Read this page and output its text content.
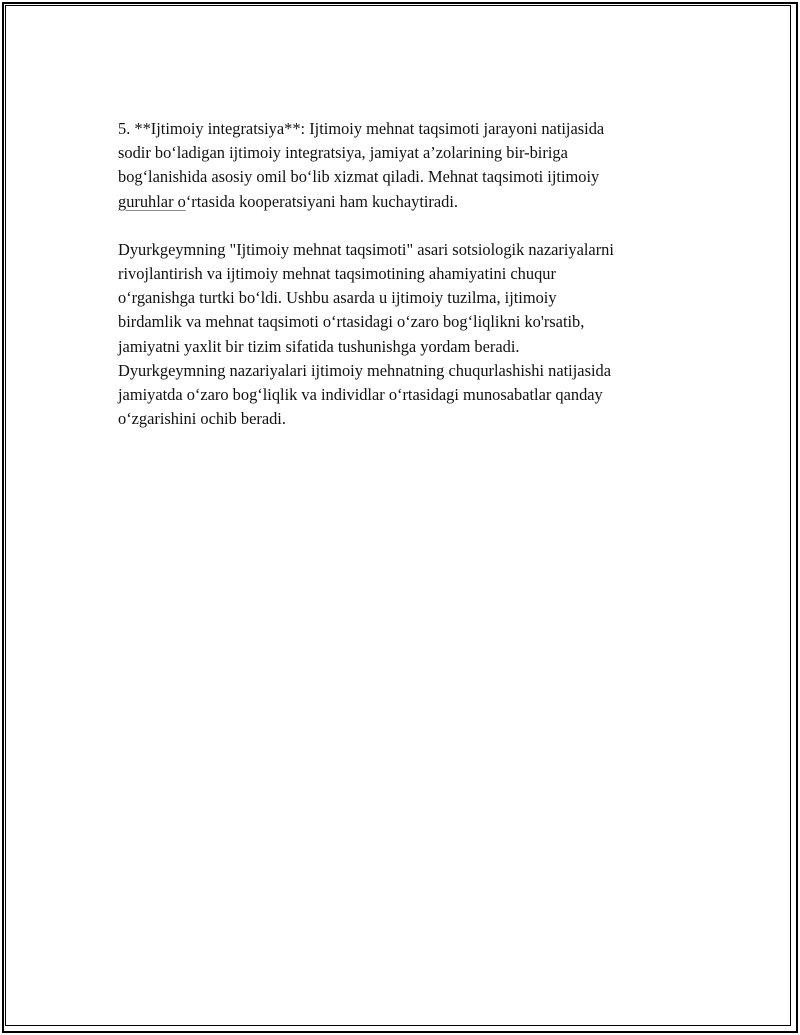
5. **Ijtimoiy integratsiya**: Ijtimoiy mehnat taqsimoti jarayoni natijasida
sodir bo‘ladigan ijtimoiy integratsiya, jamiyat a’zolarining bir-biriga
bog‘lanishida asosiy omil bo‘lib xizmat qiladi. Mehnat taqsimoti ijtimoiy
guruhlar o‘rtasida kooperatsiyani ham kuchaytiradi.

Dyurkgeymning "Ijtimoiy mehnat taqsimoti" asari sotsiologik nazariyalarni
rivojlantirish va ijtimoiy mehnat taqsimotining ahamiyatini chuqur
o‘rganishga turtki bo‘ldi. Ushbu asarda u ijtimoiy tuzilma, ijtimoiy
birdamlik va mehnat taqsimoti o‘rtasidagi o‘zaro bog‘liqlikni ko'rsatib,
jamiyatni yaxlit bir tizim sifatida tushunishga yordam beradi.
Dyurkgeymning nazariyalari ijtimoiy mehnatning chuqurlashishi natijasida
jamiyatda o‘zaro bog‘liqlik va individlar o‘rtasidagi munosabatlar qanday
o‘zgarishini ochib beradi.
